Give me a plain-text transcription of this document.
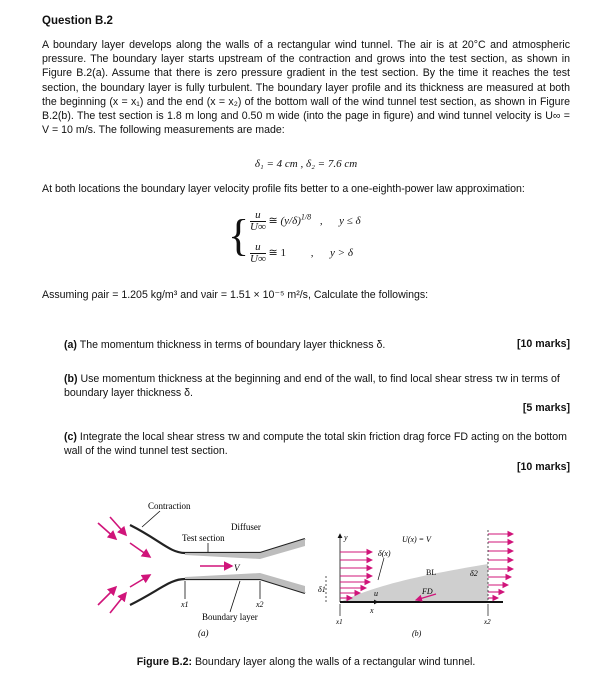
Question B.2
A boundary layer develops along the walls of a rectangular wind tunnel. The air is at 20°C and atmospheric pressure. The boundary layer starts upstream of the contraction and grows into the test section, as shown in Figure B.2(a). Assume that there is zero pressure gradient in the test section. By the time it reaches the test section, the boundary layer is fully turbulent. The boundary layer profile and its thickness are measured at both the beginning (x = x₁) and the end (x = x₂) of the bottom wall of the wind tunnel test section, as shown in Figure B.2(b). The test section is 1.8 m long and 0.50 m wide (into the page in figure) and wind tunnel velocity is U∞ = V = 10 m/s. The following measurements are made:
δ₁ = 4 cm , δ₂ = 7.6 cm
At both locations the boundary layer velocity profile fits better to a one-eighth-power law approximation:
{ $\frac{u}{U\infty}$ ≅ $(y/\delta)^{1/8}$ ,      y ≤ δ
$\frac{u}{U\infty}$ ≅ 1 ,      y > δ
Assuming ρair = 1.205 kg/m³ and νair = 1.51 × 10⁻⁵ m²/s, Calculate the followings:
(a) The momentum thickness in terms of boundary layer thickness δ.	[10 marks]
(b) Use momentum thickness at the beginning and end of the wall, to find local shear stress τw in terms of boundary layer thickness δ.
[5 marks]
(c) Integrate the local shear stress τw and compute the total skin friction drag force FD acting on the bottom wall of the wind tunnel test section.
[10 marks]
Contraction
Diffuser
Test section
V
x1	x2
Boundary layer
(a)
y
x
U(x) = V
δ(x)
BL
FD
u
δ1
δ2
x1	x2
(b)
Figure B.2: Boundary layer along the walls of a rectangular wind tunnel.
